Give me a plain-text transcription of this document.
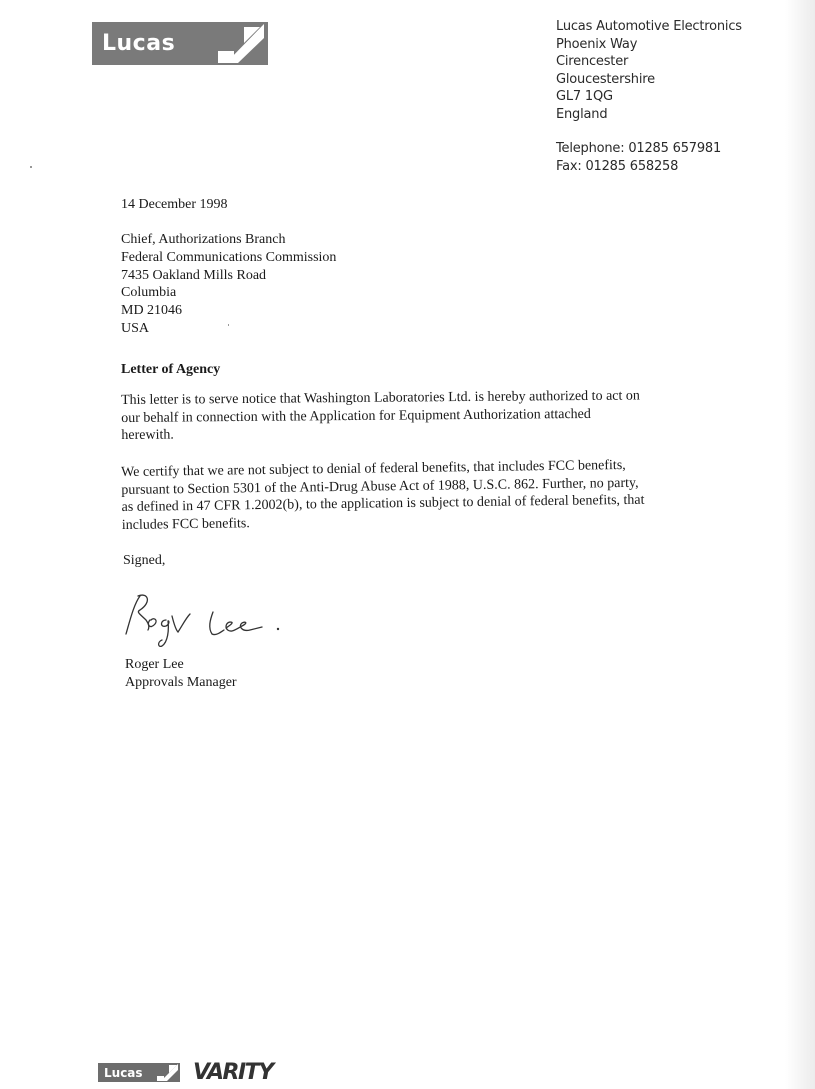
Lucas
Lucas Automotive Electronics
Phoenix Way
Cirencester
Gloucestershire
GL7 1QG
England
Telephone: 01285 657981
Fax: 01285 658258
14 December 1998
Chief, Authorizations Branch
Federal Communications Commission
7435 Oakland Mills Road
Columbia
MD 21046
USA
Letter of Agency
This letter is to serve notice that Washington Laboratories Ltd. is hereby authorized to act on
our behalf in connection with the Application for Equipment Authorization attached
herewith.
We certify that we are not subject to denial of federal benefits, that includes FCC benefits,
pursuant to Section 5301 of the Anti-Drug Abuse Act of 1988, U.S.C. 862. Further, no party,
as defined in 47 CFR 1.2002(b), to the application is subject to denial of federal benefits, that
includes FCC benefits.
Signed,
Roger Lee
Approvals Manager
Lucas VARITY
